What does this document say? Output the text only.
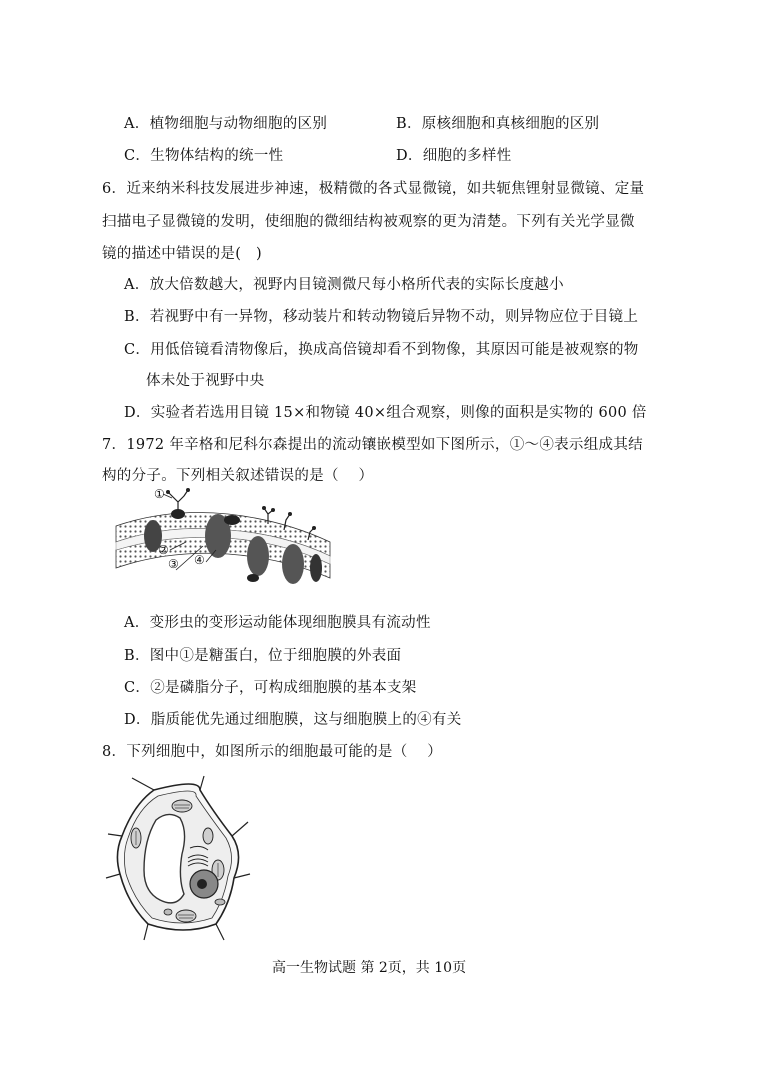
A．植物细胞与动物细胞的区别	B．原核细胞和真核细胞的区别
C．生物体结构的统一性	D．细胞的多样性
6．近来纳米科技发展进步神速，极精微的各式显微镜，如共轭焦锂射显微镜、定量
扫描电子显微镜的发明，使细胞的微细结构被观察的更为清楚。下列有关光学显微
镜的描述中错误的是(　)
A．放大倍数越大，视野内目镜测微尺每小格所代表的实际长度越小
B．若视野中有一异物，移动装片和转动物镜后异物不动，则异物应位于目镜上
C．用低倍镜看清物像后，换成高倍镜却看不到物像，其原因可能是被观察的物
体未处于视野中央
D．实验者若选用目镜 15×和物镜 40×组合观察，则像的面积是实物的 600 倍
7．1972 年辛格和尼科尔森提出的流动镶嵌模型如下图所示，①～④表示组成其结
构的分子。下列相关叙述错误的是（　 ）
①
②
③ ④
A．变形虫的变形运动能体现细胞膜具有流动性
B．图中①是糖蛋白，位于细胞膜的外表面
C．②是磷脂分子，可构成细胞膜的基本支架
D．脂质能优先通过细胞膜，这与细胞膜上的④有关
8．下列细胞中，如图所示的细胞最可能的是（　 ）
高一生物试题 第 2页，共 10页
